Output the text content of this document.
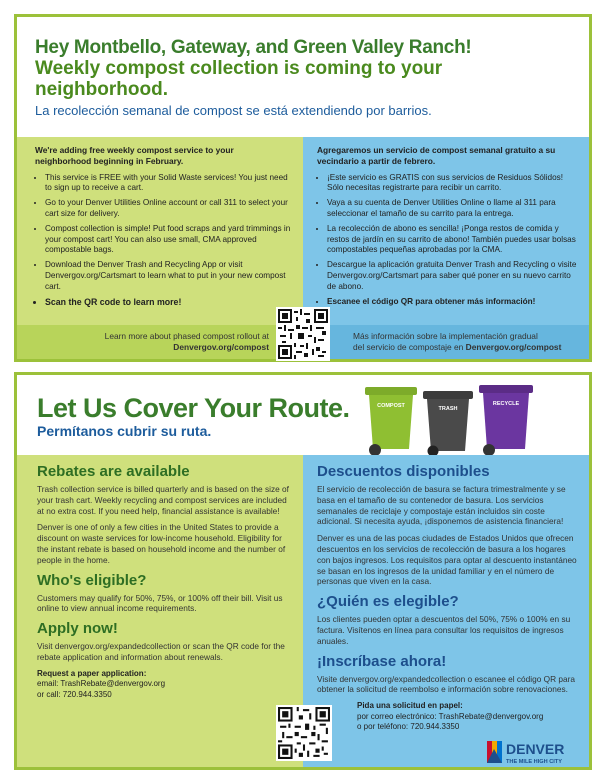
Hey Montbello, Gateway, and Green Valley Ranch!
Weekly compost collection is coming to your
neighborhood.
La recolección semanal de compost se está extendiendo por barrios.
We're adding free weekly compost service to your neighborhood beginning in February.
• This service is FREE with your Solid Waste services! You just need to sign up to receive a cart.
• Go to your Denver Utilities Online account or call 311 to select your cart size for delivery.
• Compost collection is simple! Put food scraps and yard trimmings in your compost cart! You can also use small, CMA approved compostable bags.
• Download the Denver Trash and Recycling App or visit Denvergov.org/Cartsmart to learn what to put in your new compost cart.
• Scan the QR code to learn more!
Agregaremos un servicio de compost semanal gratuito a su vecindario a partir de febrero.
• ¡Este servicio es GRATIS con sus servicios de Residuos Sólidos! Sólo necesitas registrarte para recibir un carrito.
• Vaya a su cuenta de Denver Utilities Online o llame al 311 para seleccionar el tamaño de su carrito para la entrega.
• La recolección de abono es sencilla! ¡Ponga restos de comida y restos de jardín en su carrito de abono! También puedes usar bolsas compostables pequeñas aprobadas por la CMA.
• Descargue la aplicación gratuita Denver Trash and Recycling o visite Denvergov.org/Cartsmart para saber qué poner en su nuevo carrito de abono.
• Escanee el código QR para obtener más información!
Learn more about phased compost rollout at
Denvergov.org/compost
Más información sobre la implementación gradual
del servicio de compostaje en Denvergov.org/compost
Let Us Cover Your Route.
Permítanos cubrir su ruta.
COMPOST	TRASH
RECYCLE
Rebates are available

Trash collection service is billed quarterly and is based on the size of your trash cart. Weekly recycling and compost services are included at no extra cost. If you need help, financial assistance is available!

Denver is one of only a few cities in the United States to provide a discount on waste services for low-income household. Eligibility for the instant rebate is based on household income and the number of people in the home.

Who's eligible?

Customers may qualify for 50%, 75%, or 100% off their bill. Visit us online to view annual income requirements.

Apply now!

Visit denvergov.org/expandedcollection or scan the QR code for the rebate application and information about renewals.

Request a paper application:
email: TrashRebate@denvergov.org
or call: 720.944.3350
Descuentos disponibles

El servicio de recolección de basura se factura trimestralmente y se basa en el tamaño de su contenedor de basura. Los servicios semanales de reciclaje y compostaje están incluidos sin coste adicional. Si necesita ayuda, ¡disponemos de asistencia financiera!

Denver es una de las pocas ciudades de Estados Unidos que ofrecen descuentos en los servicios de recolección de basura a los hogares con bajos ingresos. Los requisitos para optar al descuento instantáneo se basan en los ingresos de la unidad familiar y en el número de personas que viven en la casa.

¿Quién es elegible?

Los clientes pueden optar a descuentos del 50%, 75% o 100% en su factura. Visítenos en línea para consultar los requisitos de ingresos anuales.

¡Inscríbase ahora!

Visite denvergov.org/expandedcollection o escanee el código QR para obtener la solicitud de reembolso e información sobre renovaciones.

Pida una solicitud en papel:
por correo electrónico: TrashRebate@denvergov.org
o por teléfono: 720.944.3350
DENVER
THE MILE HIGH CITY
